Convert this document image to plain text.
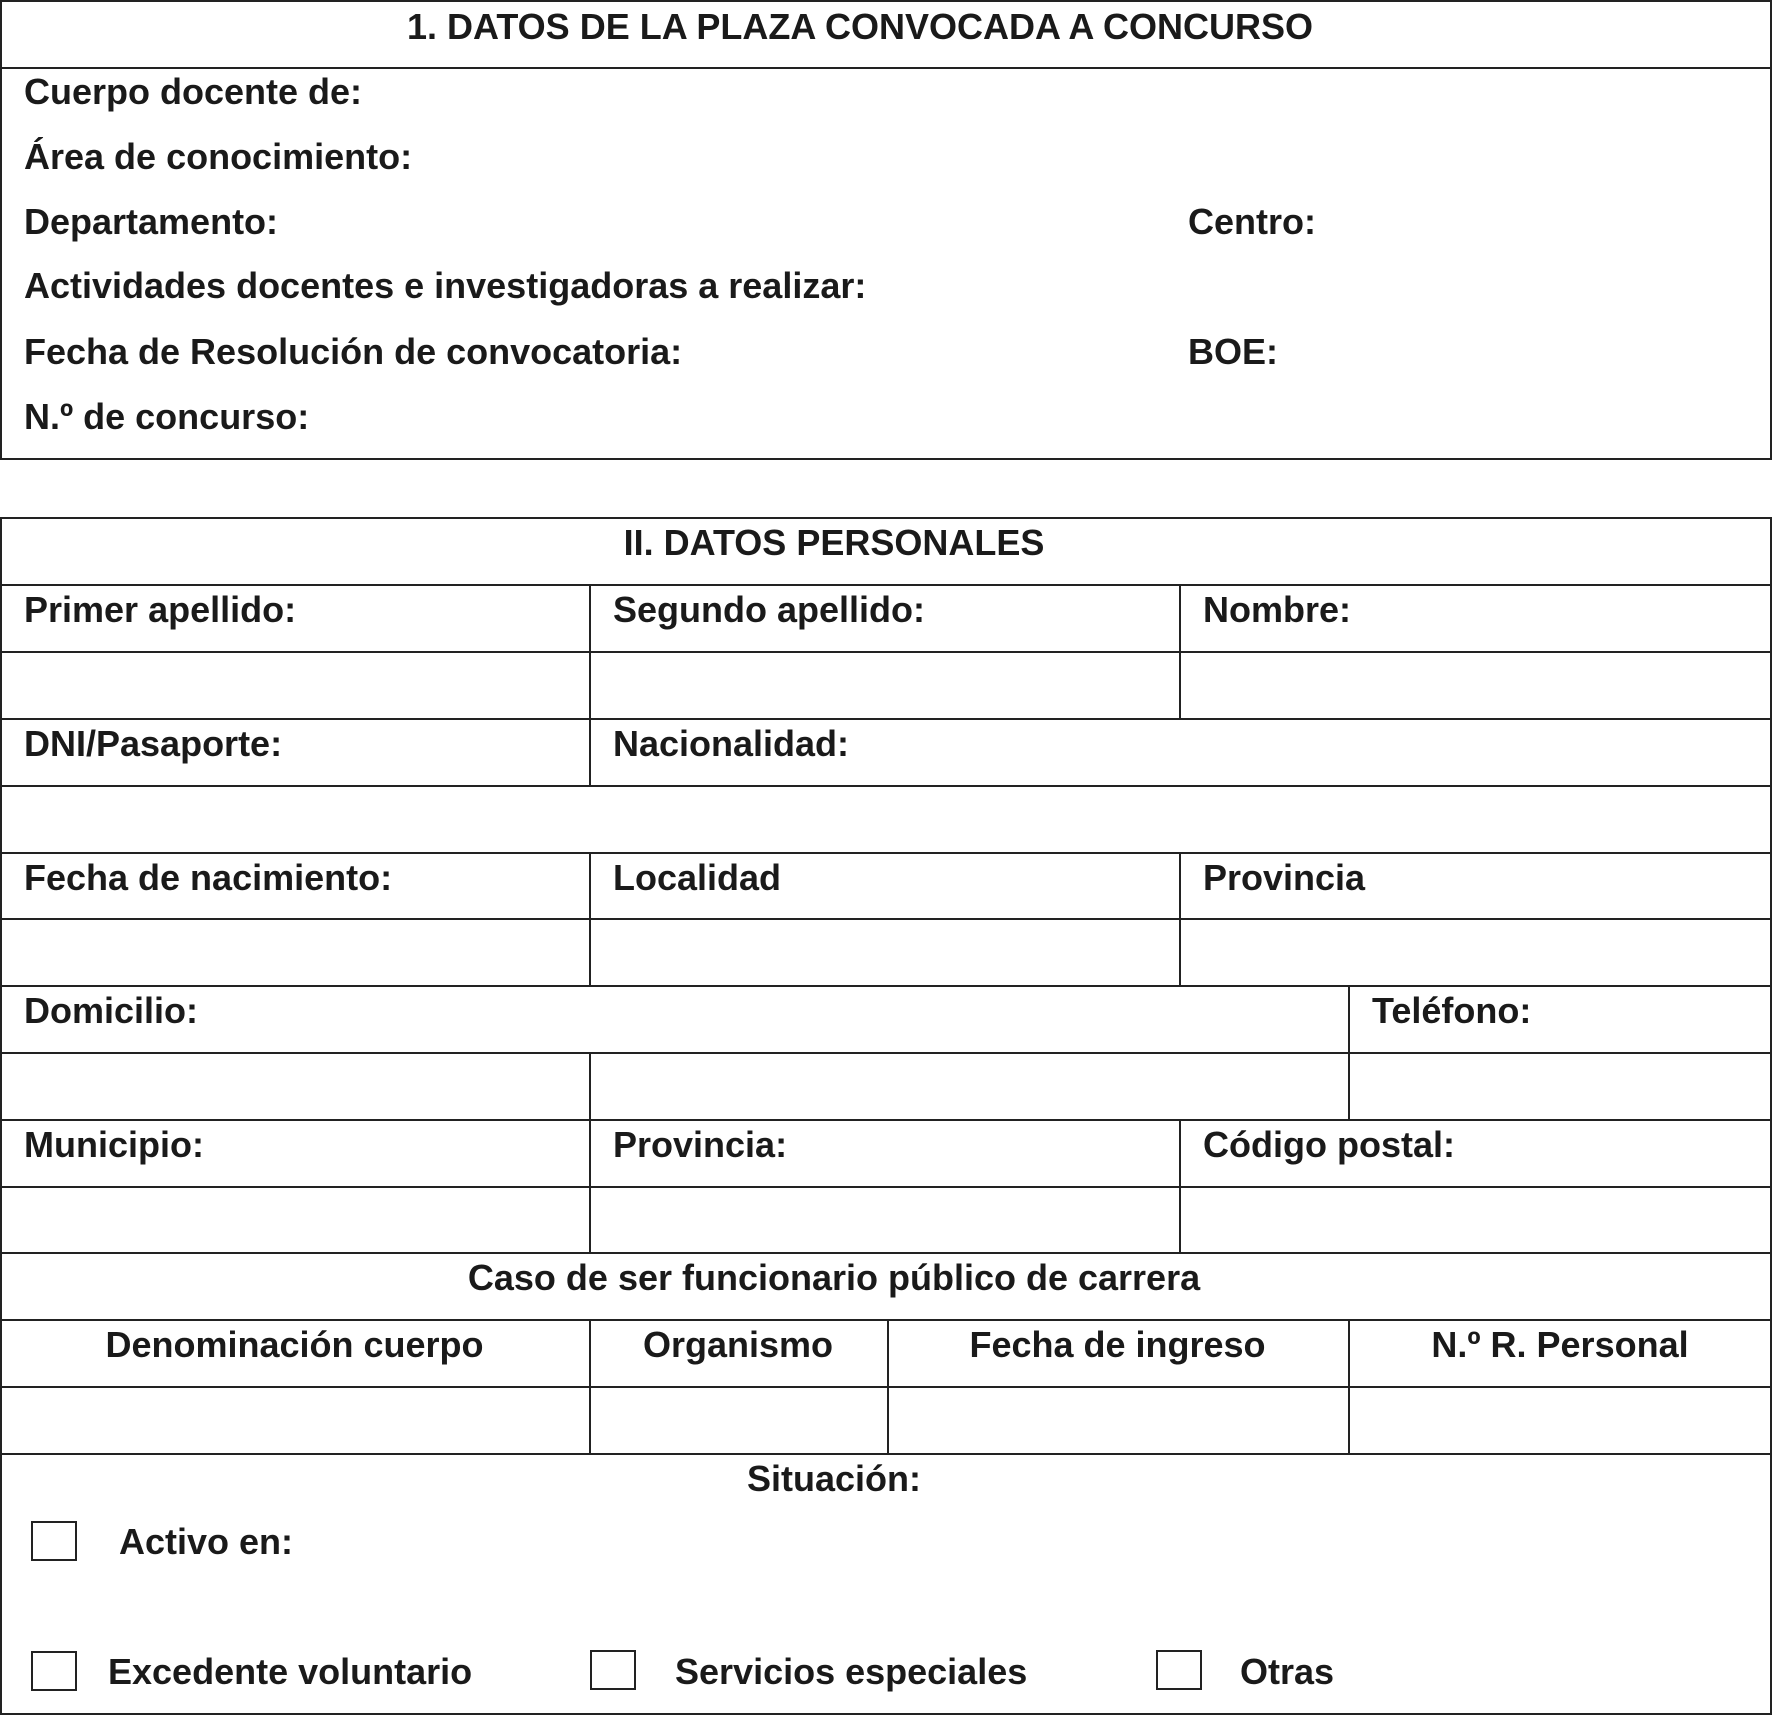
1. DATOS DE LA PLAZA CONVOCADA A CONCURSO
Cuerpo docente de:
Área de conocimiento:
Departamento:	Centro:
Actividades docentes e investigadoras a realizar:
Fecha de Resolución de convocatoria:	BOE:
N.º de concurso:
II. DATOS PERSONALES
Primer apellido:	Segundo apellido:	Nombre:
DNI/Pasaporte:	Nacionalidad:
Fecha de nacimiento:	Localidad	Provincia
Domicilio:	Teléfono:
Municipio:	Provincia:	Código postal:
Caso de ser funcionario público de carrera
Denominación cuerpo	Organismo	Fecha de ingreso	N.º R. Personal
Situación:
Activo en:
Excedente voluntario	Servicios especiales	Otras
